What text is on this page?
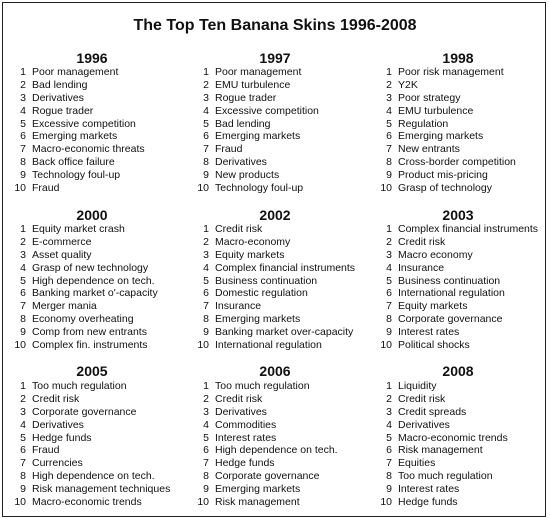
The Top Ten Banana Skins 1996-2008
1996
1 Poor management
2 Bad lending
3 Derivatives
4 Rogue trader
5 Excessive competition
6 Emerging markets
7 Macro-economic threats
8 Back office failure
9 Technology foul-up
10 Fraud
1997
1 Poor management
2 EMU turbulence
3 Rogue trader
4 Excessive competition
5 Bad lending
6 Emerging markets
7 Fraud
8 Derivatives
9 New products
10 Technology foul-up
1998
1 Poor risk management
2 Y2K
3 Poor strategy
4 EMU turbulence
5 Regulation
6 Emerging markets
7 New entrants
8 Cross-border competition
9 Product mis-pricing
10 Grasp of technology
2000
1 Equity market crash
2 E-commerce
3 Asset quality
4 Grasp of new technology
5 High dependence on tech.
6 Banking market o'-capacity
7 Merger mania
8 Economy overheating
9 Comp from new entrants
10 Complex fin. instruments
2002
1 Credit risk
2 Macro-economy
3 Equity markets
4 Complex financial instruments
5 Business continuation
6 Domestic regulation
7 Insurance
8 Emerging markets
9 Banking market over-capacity
10 International regulation
2003
1 Complex financial instruments
2 Credit risk
3 Macro economy
4 Insurance
5 Business continuation
6 International regulation
7 Equity markets
8 Corporate governance
9 Interest rates
10 Political shocks
2005
1 Too much regulation
2 Credit risk
3 Corporate governance
4 Derivatives
5 Hedge funds
6 Fraud
7 Currencies
8 High dependence on tech.
9 Risk management techniques
10 Macro-economic trends
2006
1 Too much regulation
2 Credit risk
3 Derivatives
4 Commodities
5 Interest rates
6 High dependence on tech.
7 Hedge funds
8 Corporate governance
9 Emerging markets
10 Risk management
2008
1 Liquidity
2 Credit risk
3 Credit spreads
4 Derivatives
5 Macro-economic trends
6 Risk management
7 Equities
8 Too much regulation
9 Interest rates
10 Hedge funds
